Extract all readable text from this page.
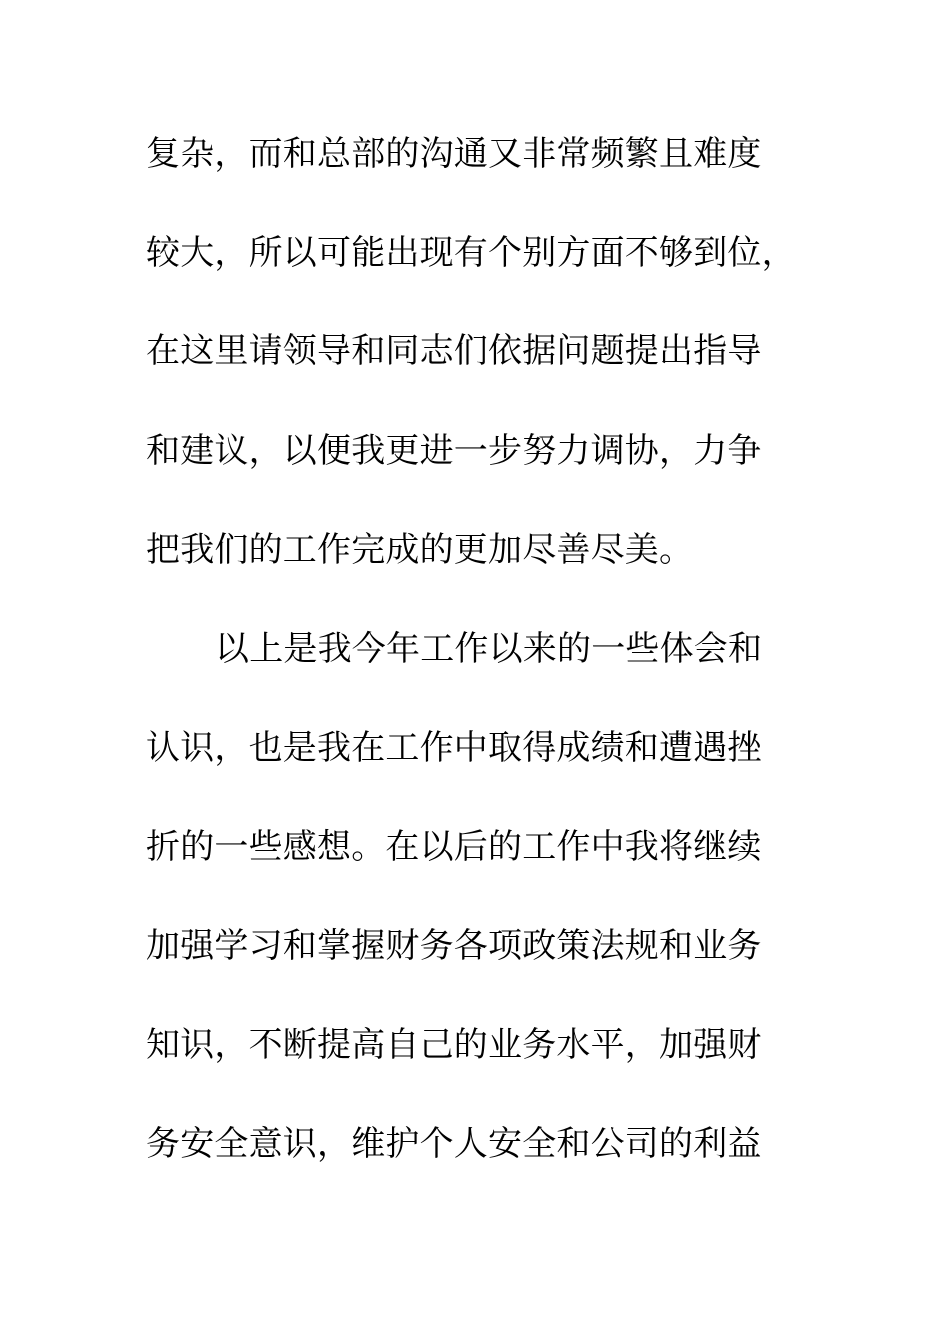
复杂，而和总部的沟通又非常频繁且难度
较大，所以可能出现有个别方面不够到位，
在这里请领导和同志们依据问题提出指导
和建议，以便我更进一步努力调协，力争
把我们的工作完成的更加尽善尽美。
以上是我今年工作以来的一些体会和
认识，也是我在工作中取得成绩和遭遇挫
折的一些感想。在以后的工作中我将继续
加强学习和掌握财务各项政策法规和业务
知识，不断提高自己的业务水平，加强财
务安全意识，维护个人安全和公司的利益
